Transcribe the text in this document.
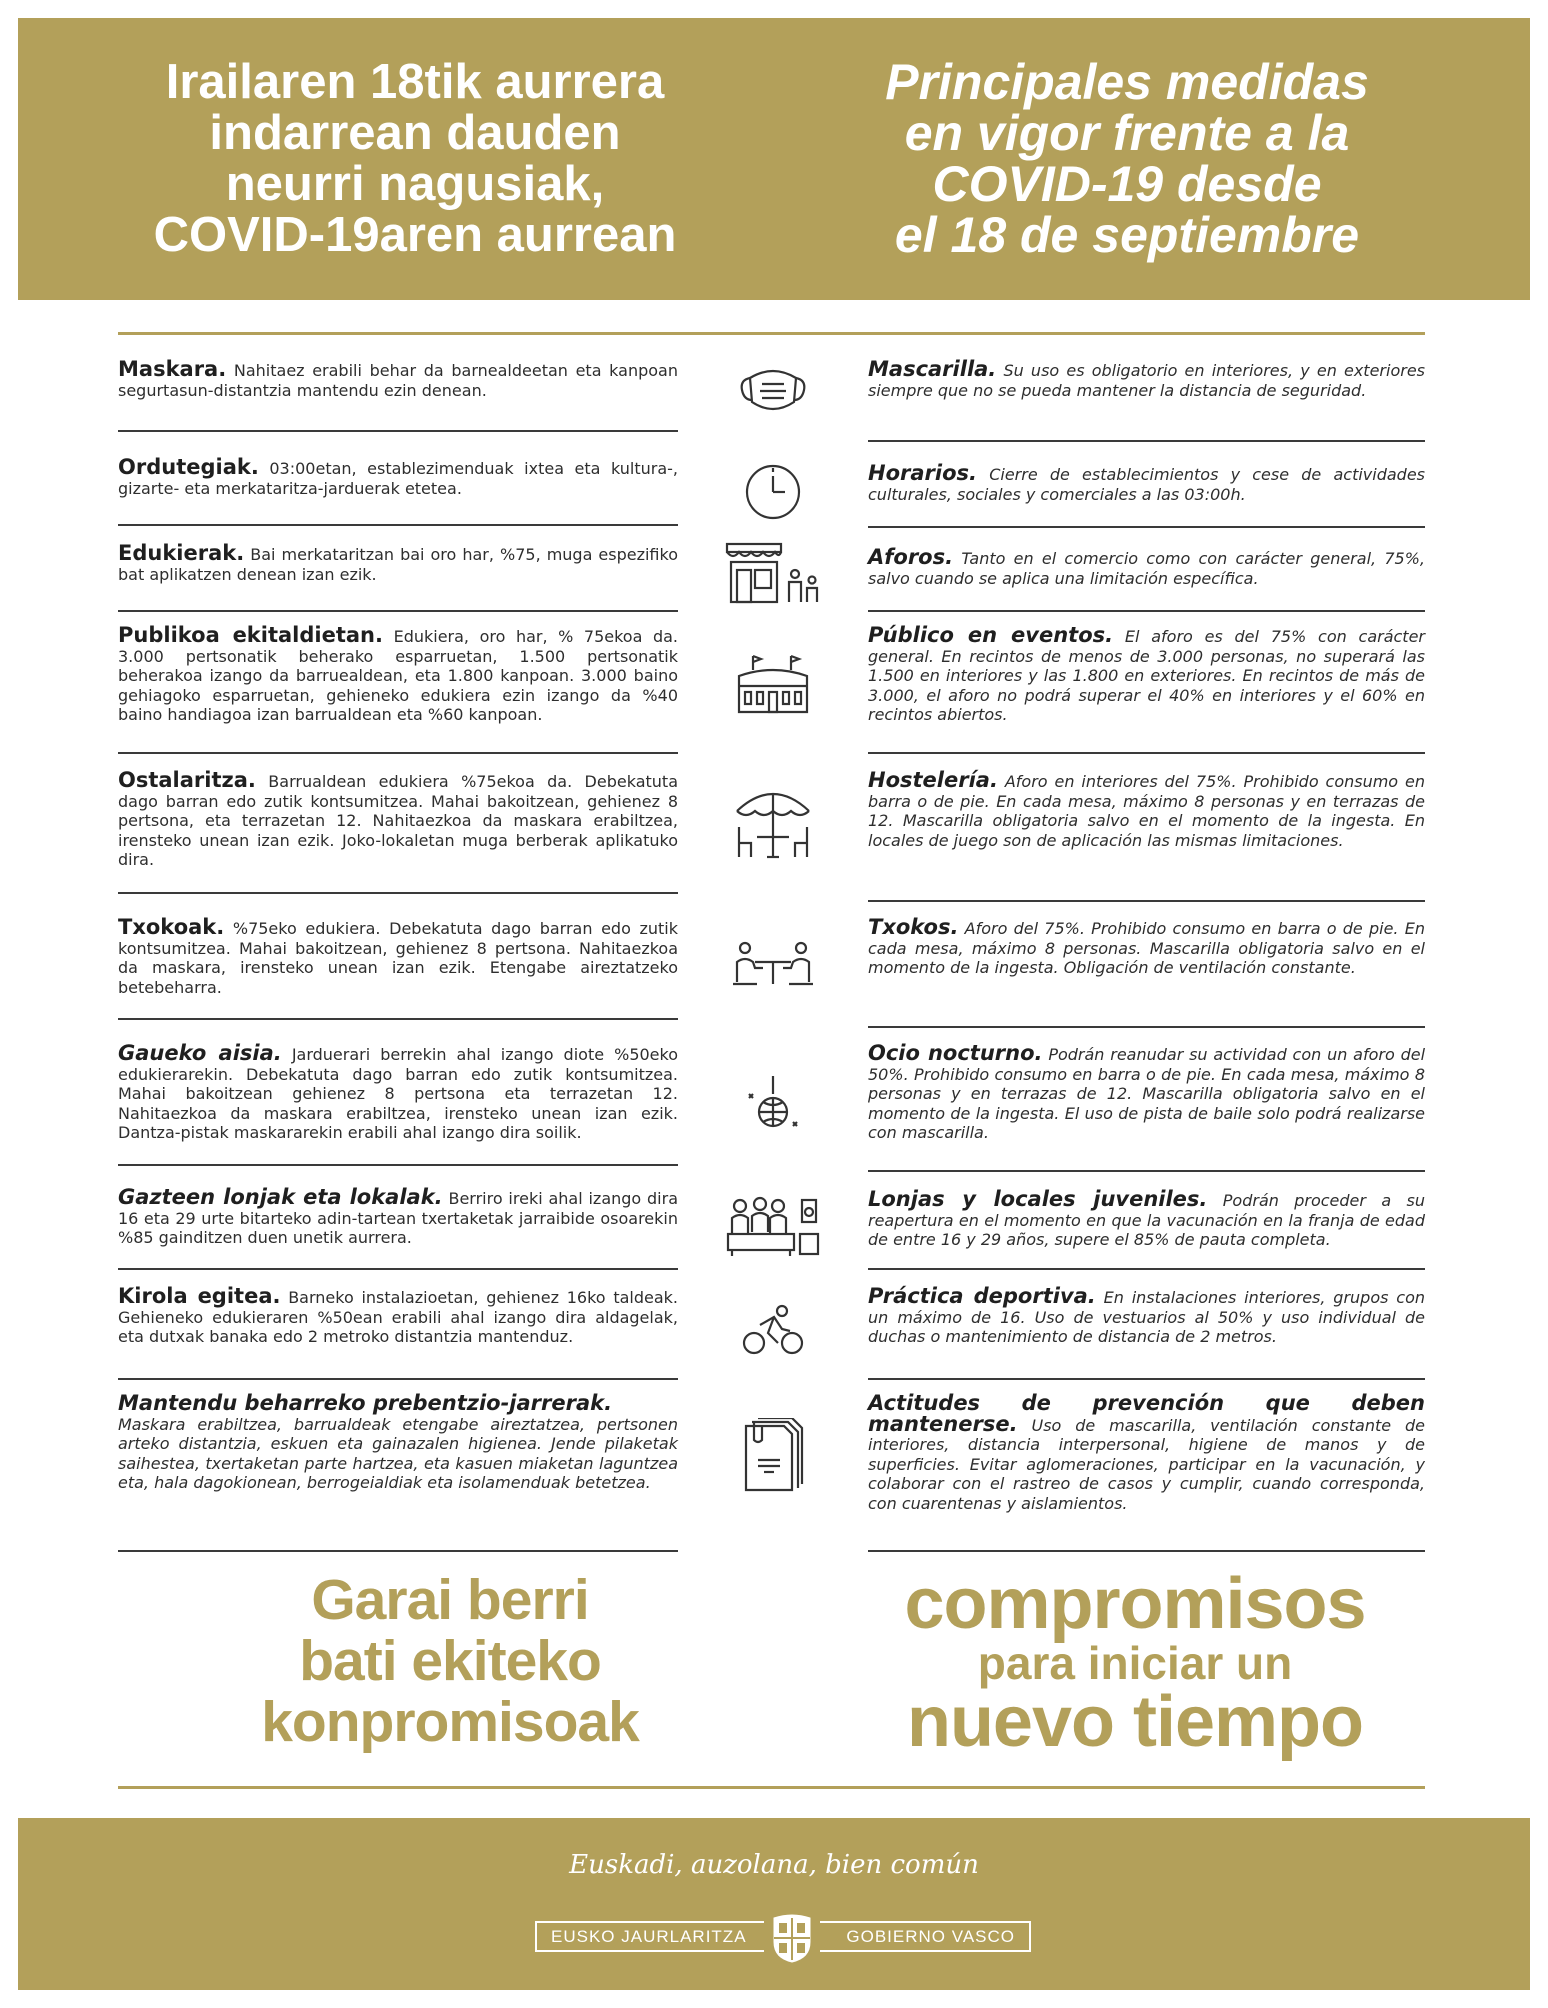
Irailaren 18tik aurrera
indarrean dauden
neurri nagusiak,
COVID-19aren aurrean
Principales medidas
en vigor frente a la
COVID-19 desde
el 18 de septiembre

Maskara. Nahitaez erabili behar da barnealdeetan eta kanpoan segurtasun-distantzia mantendu ezin denean.

Mascarilla. Su uso es obligatorio en interiores, y en exteriores siempre que no se pueda mantener la distancia de seguridad.

Ordutegiak. 03:00etan, establezimenduak ixtea eta kultura-, gizarte- eta merkataritza-jarduerak etetea.

Horarios. Cierre de establecimientos y cese de actividades culturales, sociales y comerciales a las 03:00h.

Edukierak. Bai merkataritzan bai oro har, %75, muga espezifiko bat aplikatzen denean izan ezik.

Aforos. Tanto en el comercio como con carácter general, 75%, salvo cuando se aplica una limitación específica.

Publikoa ekitaldietan. Edukiera, oro har, % 75ekoa da. 3.000 pertsonatik beherako esparruetan, 1.500 pertsonatik beherakoa izango da barruealdean, eta 1.800 kanpoan. 3.000 baino gehiagoko esparruetan, gehieneko edukiera ezin izango da %40 baino handiagoa izan barrualdean eta %60 kanpoan.

Público en eventos. El aforo es del 75% con carácter general. En recintos de menos de 3.000 personas, no superará las 1.500 en interiores y las 1.800 en exteriores. En recintos de más de 3.000, el aforo no podrá superar el 40% en interiores y el 60% en recintos abiertos.

Ostalaritza. Barrualdean edukiera %75ekoa da. Debekatuta dago barran edo zutik kontsumitzea. Mahai bakoitzean, gehienez 8 pertsona, eta terrazetan 12. Nahitaezkoa da maskara erabiltzea, irensteko unean izan ezik. Joko-lokaletan muga berberak aplikatuko dira.

Hostelería. Aforo en interiores del 75%. Prohibido consumo en barra o de pie. En cada mesa, máximo 8 personas y en terrazas de 12. Mascarilla obligatoria salvo en el momento de la ingesta. En locales de juego son de aplicación las mismas limitaciones.

Txokoak. %75eko edukiera. Debekatuta dago barran edo zutik kontsumitzea. Mahai bakoitzean, gehienez 8 pertsona. Nahitaezkoa da maskara, irensteko unean izan ezik. Etengabe aireztatzeko betebeharra.

Txokos. Aforo del 75%. Prohibido consumo en barra o de pie. En cada mesa, máximo 8 personas. Mascarilla obligatoria salvo en el momento de la ingesta. Obligación de ventilación constante.

Gaueko aisia. Jarduerari berrekin ahal izango diote %50eko edukierarekin. Debekatuta dago barran edo zutik kontsumitzea. Mahai bakoitzean gehienez 8 pertsona eta terrazetan 12. Nahitaezkoa da maskara erabiltzea, irensteko unean izan ezik. Dantza-pistak maskararekin erabili ahal izango dira soilik.

Ocio nocturno. Podrán reanudar su actividad con un aforo del 50%. Prohibido consumo en barra o de pie. En cada mesa, máximo 8 personas y en terrazas de 12. Mascarilla obligatoria salvo en el momento de la ingesta. El uso de pista de baile solo podrá realizarse con mascarilla.

Gazteen lonjak eta lokalak. Berriro ireki ahal izango dira 16 eta 29 urte bitarteko adin-tartean txertaketak jarraibide osoarekin %85 gainditzen duen unetik aurrera.

Lonjas y locales juveniles. Podrán proceder a su reapertura en el momento en que la vacunación en la franja de edad de entre 16 y 29 años, supere el 85% de pauta completa.

Kirola egitea. Barneko instalazioetan, gehienez 16ko taldeak. Gehieneko edukieraren %50ean erabili ahal izango dira aldagelak, eta dutxak banaka edo 2 metroko distantzia mantenduz.

Práctica deportiva. En instalaciones interiores, grupos con un máximo de 16. Uso de vestuarios al 50% y uso individual de duchas o mantenimiento de distancia de 2 metros.

Mantendu beharreko prebentzio-jarrerak.
Maskara erabiltzea, barrualdeak etengabe aireztatzea, pertsonen arteko distantzia, eskuen eta gainazalen higienea. Jende pilaketak saihestea, txertaketan parte hartzea, eta kasuen miaketan laguntzea eta, hala dagokionean, berrogeialdiak eta isolamenduak betetzea.

Actitudes de prevención que deben mantenerse. Uso de mascarilla, ventilación constante de interiores, distancia interpersonal, higiene de manos y de superficies. Evitar aglomeraciones, participar en la vacunación, y colaborar con el rastreo de casos y cumplir, cuando corresponda, con cuarentenas y aislamientos.

Garai berri
bati ekiteko
konpromisoak
compromisos
para iniciar un
nuevo tiempo
Euskadi, auzolana, bien común
EUSKO JAURLARITZA	GOBIERNO VASCO
